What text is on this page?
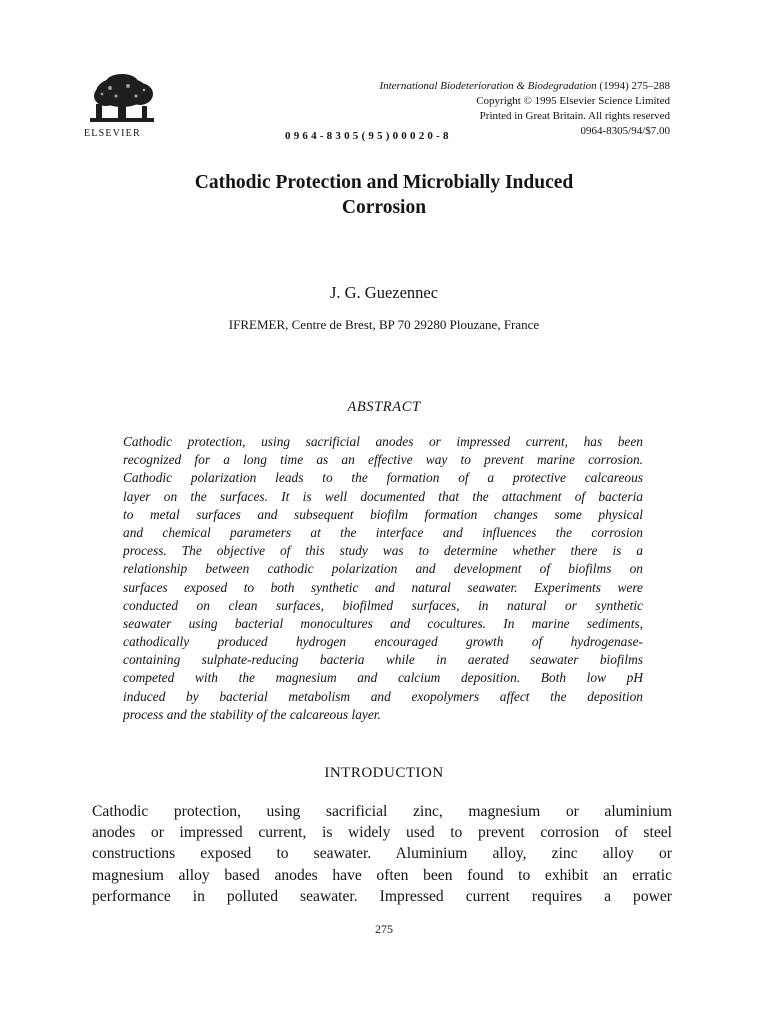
ELSEVIER
International Biodeterioration & Biodegradation (1994) 275–288
Copyright © 1995 Elsevier Science Limited
Printed in Great Britain. All rights reserved
0964-8305/94/$7.00
0964-8305(95)00020-8
Cathodic Protection and Microbially Induced
Corrosion
J. G. Guezennec
IFREMER, Centre de Brest, BP 70 29280 Plouzane, France
ABSTRACT
Cathodic protection, using sacrificial anodes or impressed current, has been
recognized for a long time as an effective way to prevent marine corrosion.
Cathodic polarization leads to the formation of a protective calcareous
layer on the surfaces. It is well documented that the attachment of bacteria
to metal surfaces and subsequent biofilm formation changes some physical
and chemical parameters at the interface and influences the corrosion
process. The objective of this study was to determine whether there is a
relationship between cathodic polarization and development of biofilms on
surfaces exposed to both synthetic and natural seawater. Experiments were
conducted on clean surfaces, biofilmed surfaces, in natural or synthetic
seawater using bacterial monocultures and cocultures. In marine sediments,
cathodically produced hydrogen encouraged growth of hydrogenase-
containing sulphate-reducing bacteria while in aerated seawater biofilms
competed with the magnesium and calcium deposition. Both low pH
induced by bacterial metabolism and exopolymers affect the deposition
process and the stability of the calcareous layer.
INTRODUCTION
Cathodic protection, using sacrificial zinc, magnesium or aluminium
anodes or impressed current, is widely used to prevent corrosion of steel
constructions exposed to seawater. Aluminium alloy, zinc alloy or
magnesium alloy based anodes have often been found to exhibit an erratic
performance in polluted seawater. Impressed current requires a power
275
